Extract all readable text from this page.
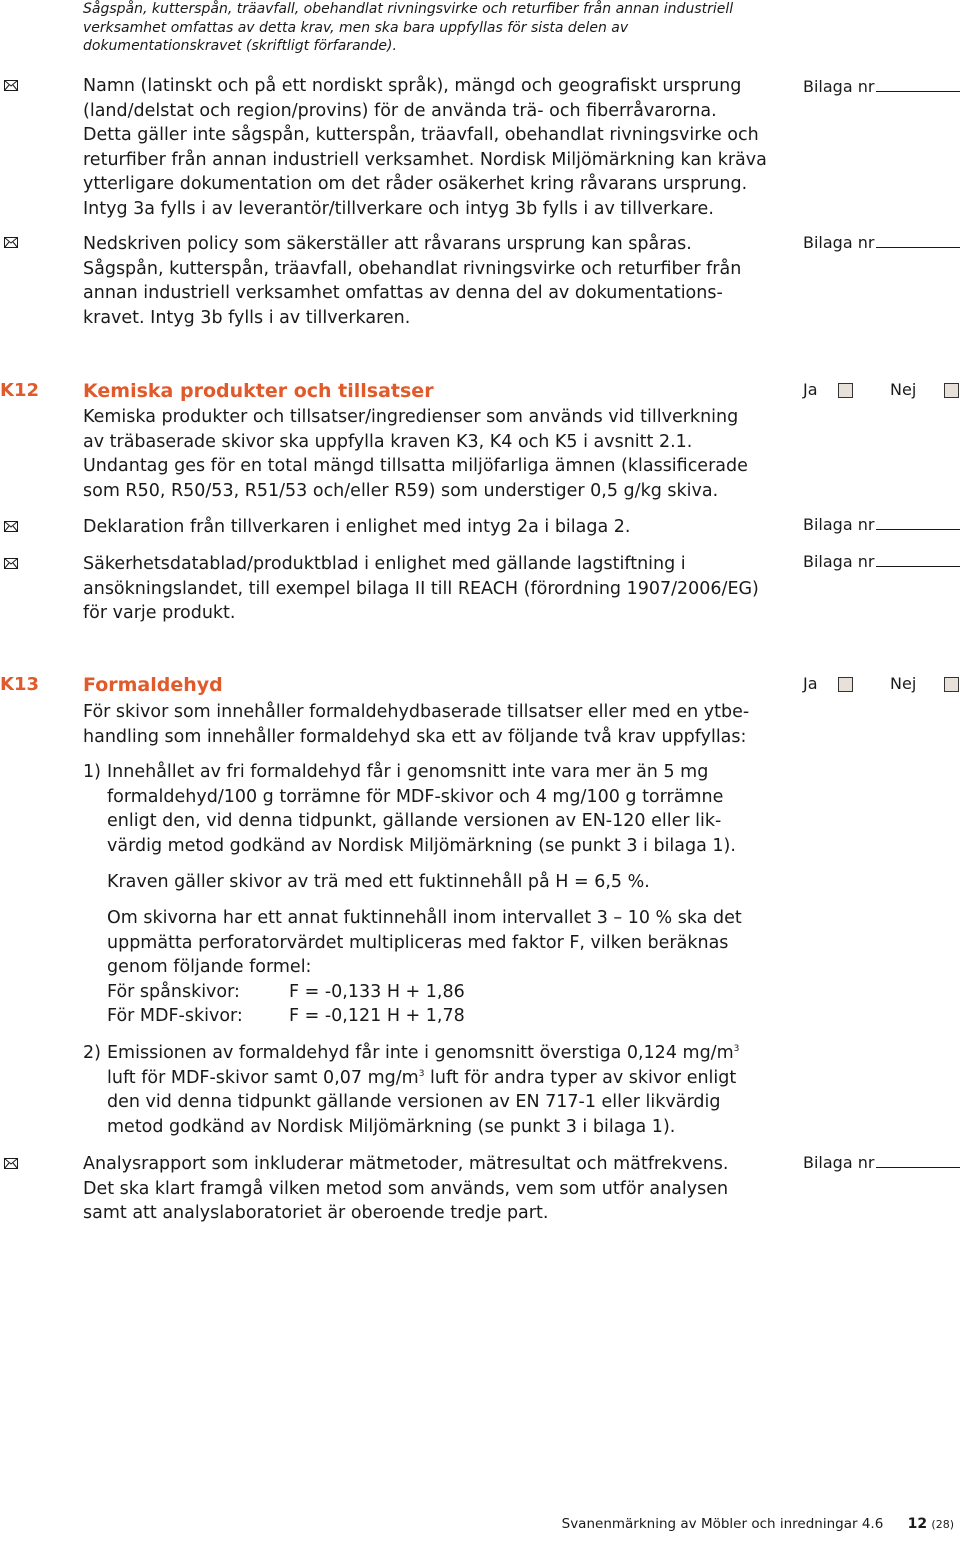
Sågspån, kutterspån, träavfall, obehandlat rivningsvirke och returfiber från annan industriell verksamhet omfattas av detta krav, men ska bara uppfyllas för sista delen av dokumentationskravet (skriftligt förfarande).
Namn (latinskt och på ett nordiskt språk), mängd och geografiskt ursprung
(land/delstat och region/provins) för de använda trä- och fiberråvarorna.
Detta gäller inte sågspån, kutterspån, träavfall, obehandlat rivningsvirke och
returfiber från annan industriell verksamhet. Nordisk Miljömärkning kan kräva
ytterligare dokumentation om det råder osäkerhet kring råvarans ursprung.
Intyg 3a fylls i av leverantör/tillverkare och intyg 3b fylls i av tillverkare.
Bilaga nr
Nedskriven policy som säkerställer att råvarans ursprung kan spåras.
Sågspån, kutterspån, träavfall, obehandlat rivningsvirke och returfiber från
annan industriell verksamhet omfattas av denna del av dokumentations-
kravet. Intyg 3b fylls i av tillverkaren.
Bilaga nr
K12 Kemiska produkter och tillsatser	Ja	Nej
Kemiska produkter och tillsatser/ingredienser som används vid tillverkning
av träbaserade skivor ska uppfylla kraven K3, K4 och K5 i avsnitt 2.1.
Undantag ges för en total mängd tillsatta miljöfarliga ämnen (klassificerade
som R50, R50/53, R51/53 och/eller R59) som understiger 0,5 g/kg skiva.
Deklaration från tillverkaren i enlighet med intyg 2a i bilaga 2.	Bilaga nr
Säkerhetsdatablad/produktblad i enlighet med gällande lagstiftning i
ansökningslandet, till exempel bilaga II till REACH (förordning 1907/2006/EG)
för varje produkt.
Bilaga nr
K13 Formaldehyd	Ja	Nej
För skivor som innehåller formaldehydbaserade tillsatser eller med en ytbe-
handling som innehåller formaldehyd ska ett av följande två krav uppfyllas:
1) Innehållet av fri formaldehyd får i genomsnitt inte vara mer än 5 mg
formaldehyd/100 g torrämne för MDF-skivor och 4 mg/100 g torrämne
enligt den, vid denna tidpunkt, gällande versionen av EN-120 eller lik-
värdig metod godkänd av Nordisk Miljömärkning (se punkt 3 i bilaga 1).
Kraven gäller skivor av trä med ett fuktinnehåll på H = 6,5 %.
Om skivorna har ett annat fuktinnehåll inom intervallet 3 – 10 % ska det
uppmätta perforatorvärdet multipliceras med faktor F, vilken beräknas
genom följande formel:
För spånskivor:	F = -0,133 H + 1,86
För MDF-skivor:	F = -0,121 H + 1,78
2) Emissionen av formaldehyd får inte i genomsnitt överstiga 0,124 $mg/m^3$
luft för MDF-skivor samt 0,07 $mg/m^3$ luft för andra typer av skivor enligt
den vid denna tidpunkt gällande versionen av EN 717-1 eller likvärdig
metod godkänd av Nordisk Miljömärkning (se punkt 3 i bilaga 1).
Analysrapport som inkluderar mätmetoder, mätresultat och mätfrekvens.
Det ska klart framgå vilken metod som används, vem som utför analysen
samt att analyslaboratoriet är oberoende tredje part.
Bilaga nr
Svanenmärkning av Möbler och inredningar 4.6 12 (28)
